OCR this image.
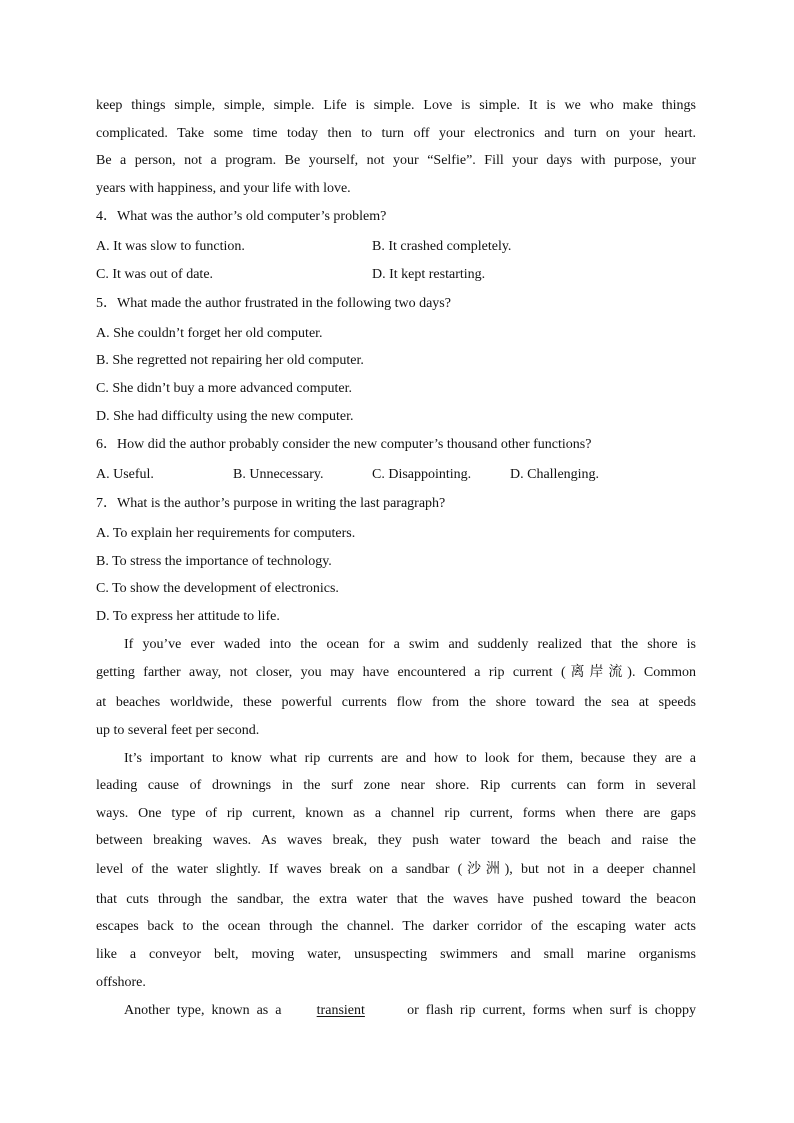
keep things simple, simple, simple. Life is simple. Love is simple. It is we who make things
complicated. Take some time today then to turn off your electronics and turn on your heart.
Be a person, not a program. Be yourself, not your “Selfie”. Fill your days with purpose, your
years with happiness, and your life with love.
4．What was the author’s old computer’s problem?
A. It was slow to function.	B. It crashed completely.
C. It was out of date.	D. It kept restarting.
5．What made the author frustrated in the following two days?
A. She couldn’t forget her old computer.
B. She regretted not repairing her old computer.
C. She didn’t buy a more advanced computer.
D. She had difficulty using the new computer.
6．How did the author probably consider the new computer’s thousand other functions?
A. Useful.	B. Unnecessary.	C. Disappointing.	D. Challenging.
7．What is the author’s purpose in writing the last paragraph?
A. To explain her requirements for computers.
B. To stress the importance of technology.
C. To show the development of electronics.
D. To express her attitude to life.
If you’ve ever waded into the ocean for a swim and suddenly realized that the shore is
getting farther away, not closer, you may have encountered a rip current (离岸流). Common
at beaches worldwide, these powerful currents flow from the shore toward the sea at speeds
up to several feet per second.
It’s important to know what rip currents are and how to look for them, because they are a
leading cause of drownings in the surf zone near shore. Rip currents can form in several
ways. One type of rip current, known as a channel rip current, forms when there are gaps
between breaking waves. As waves break, they push water toward the beach and raise the
level of the water slightly. If waves break on a sandbar (沙洲), but not in a deeper channel
that cuts through the sandbar, the extra water that the waves have pushed toward the beacon
escapes back to the ocean through the channel. The darker corridor of the escaping water acts
like a conveyor belt, moving water, unsuspecting swimmers and small marine organisms
offshore.
Another  type,  known  as  a	transient	or  flash  rip  current,  forms  when  surf  is  choppy
